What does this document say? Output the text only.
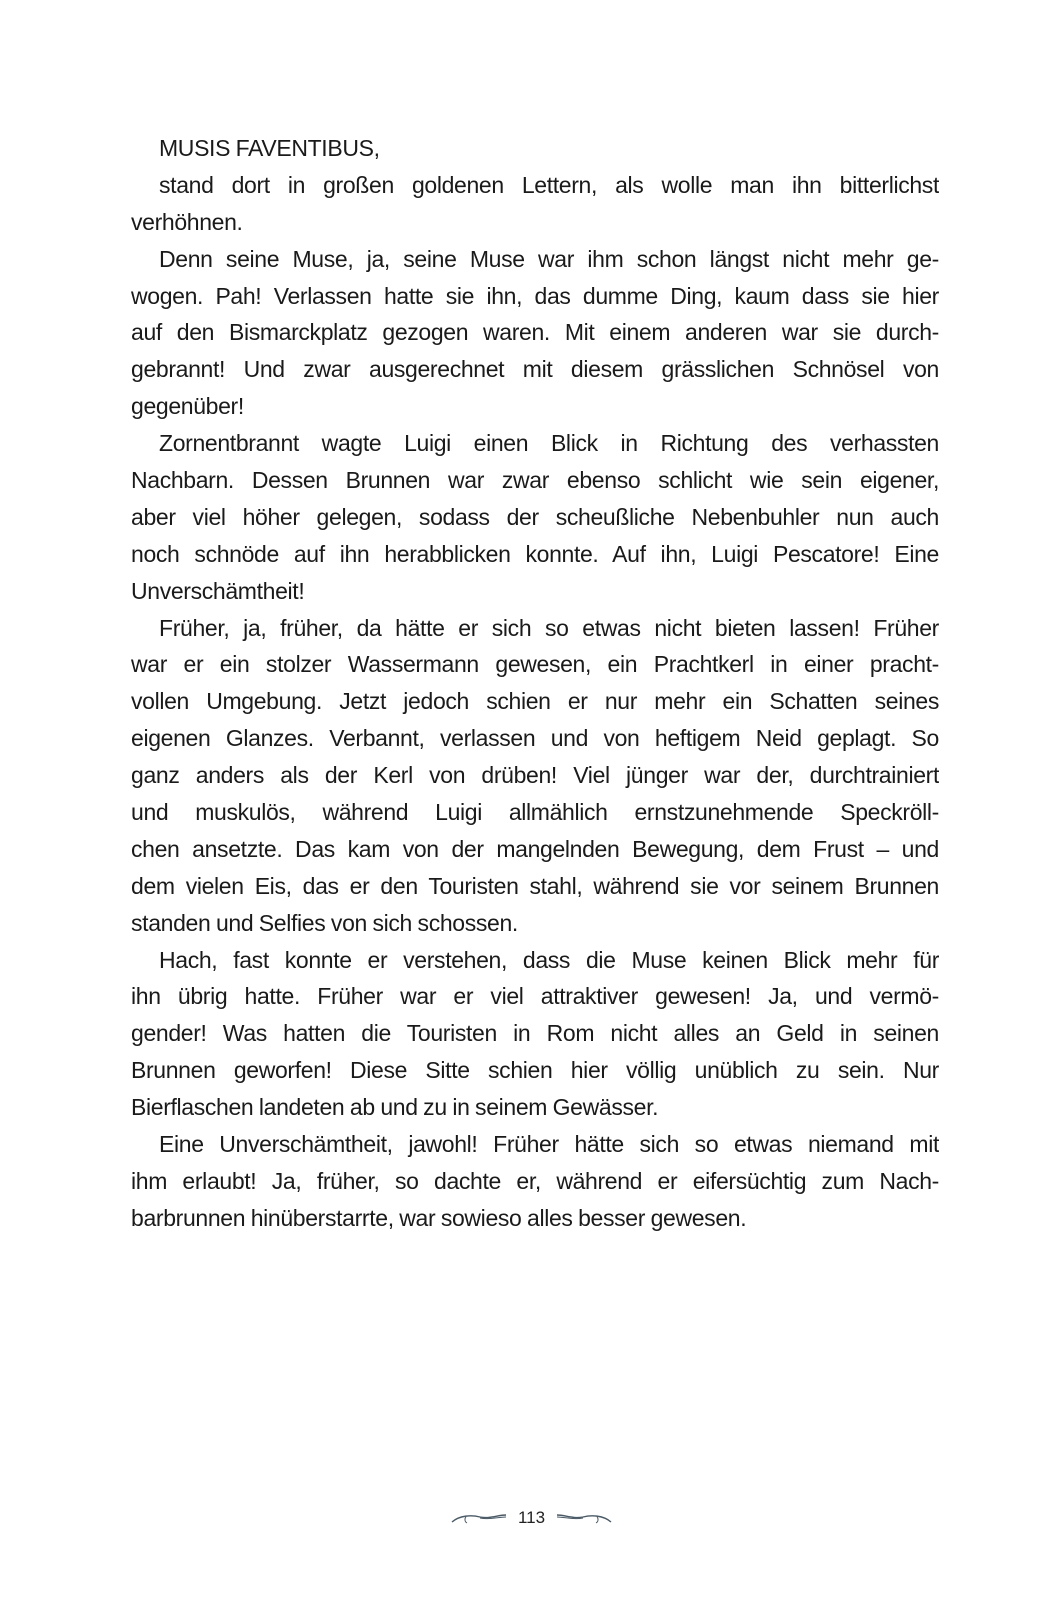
MUSIS FAVENTIBUS,
stand dort in großen goldenen Lettern, als wolle man ihn bitterlichst
verhöhnen.
Denn seine Muse, ja, seine Muse war ihm schon längst nicht mehr ge-
wogen. Pah! Verlassen hatte sie ihn, das dumme Ding, kaum dass sie hier
auf den Bismarckplatz gezogen waren. Mit einem anderen war sie durch-
gebrannt! Und zwar ausgerechnet mit diesem grässlichen Schnösel von
gegenüber!
Zornentbrannt wagte Luigi einen Blick in Richtung des verhassten
Nachbarn. Dessen Brunnen war zwar ebenso schlicht wie sein eigener,
aber viel höher gelegen, sodass der scheußliche Nebenbuhler nun auch
noch schnöde auf ihn herabblicken konnte. Auf ihn, Luigi Pescatore! Eine
Unverschämtheit!
Früher, ja, früher, da hätte er sich so etwas nicht bieten lassen! Früher
war er ein stolzer Wassermann gewesen, ein Prachtkerl in einer pracht-
vollen Umgebung. Jetzt jedoch schien er nur mehr ein Schatten seines
eigenen Glanzes. Verbannt, verlassen und von heftigem Neid geplagt. So
ganz anders als der Kerl von drüben! Viel jünger war der, durchtrainiert
und muskulös, während Luigi allmählich ernstzunehmende Speckröll-
chen ansetzte. Das kam von der mangelnden Bewegung, dem Frust – und
dem vielen Eis, das er den Touristen stahl, während sie vor seinem Brunnen
standen und Selfies von sich schossen.
Hach, fast konnte er verstehen, dass die Muse keinen Blick mehr für
ihn übrig hatte. Früher war er viel attraktiver gewesen! Ja, und vermö-
gender! Was hatten die Touristen in Rom nicht alles an Geld in seinen
Brunnen geworfen! Diese Sitte schien hier völlig unüblich zu sein. Nur
Bierflaschen landeten ab und zu in seinem Gewässer.
Eine Unverschämtheit, jawohl! Früher hätte sich so etwas niemand mit
ihm erlaubt! Ja, früher, so dachte er, während er eifersüchtig zum Nach-
barbrunnen hinüberstarrte, war sowieso alles besser gewesen.
113
